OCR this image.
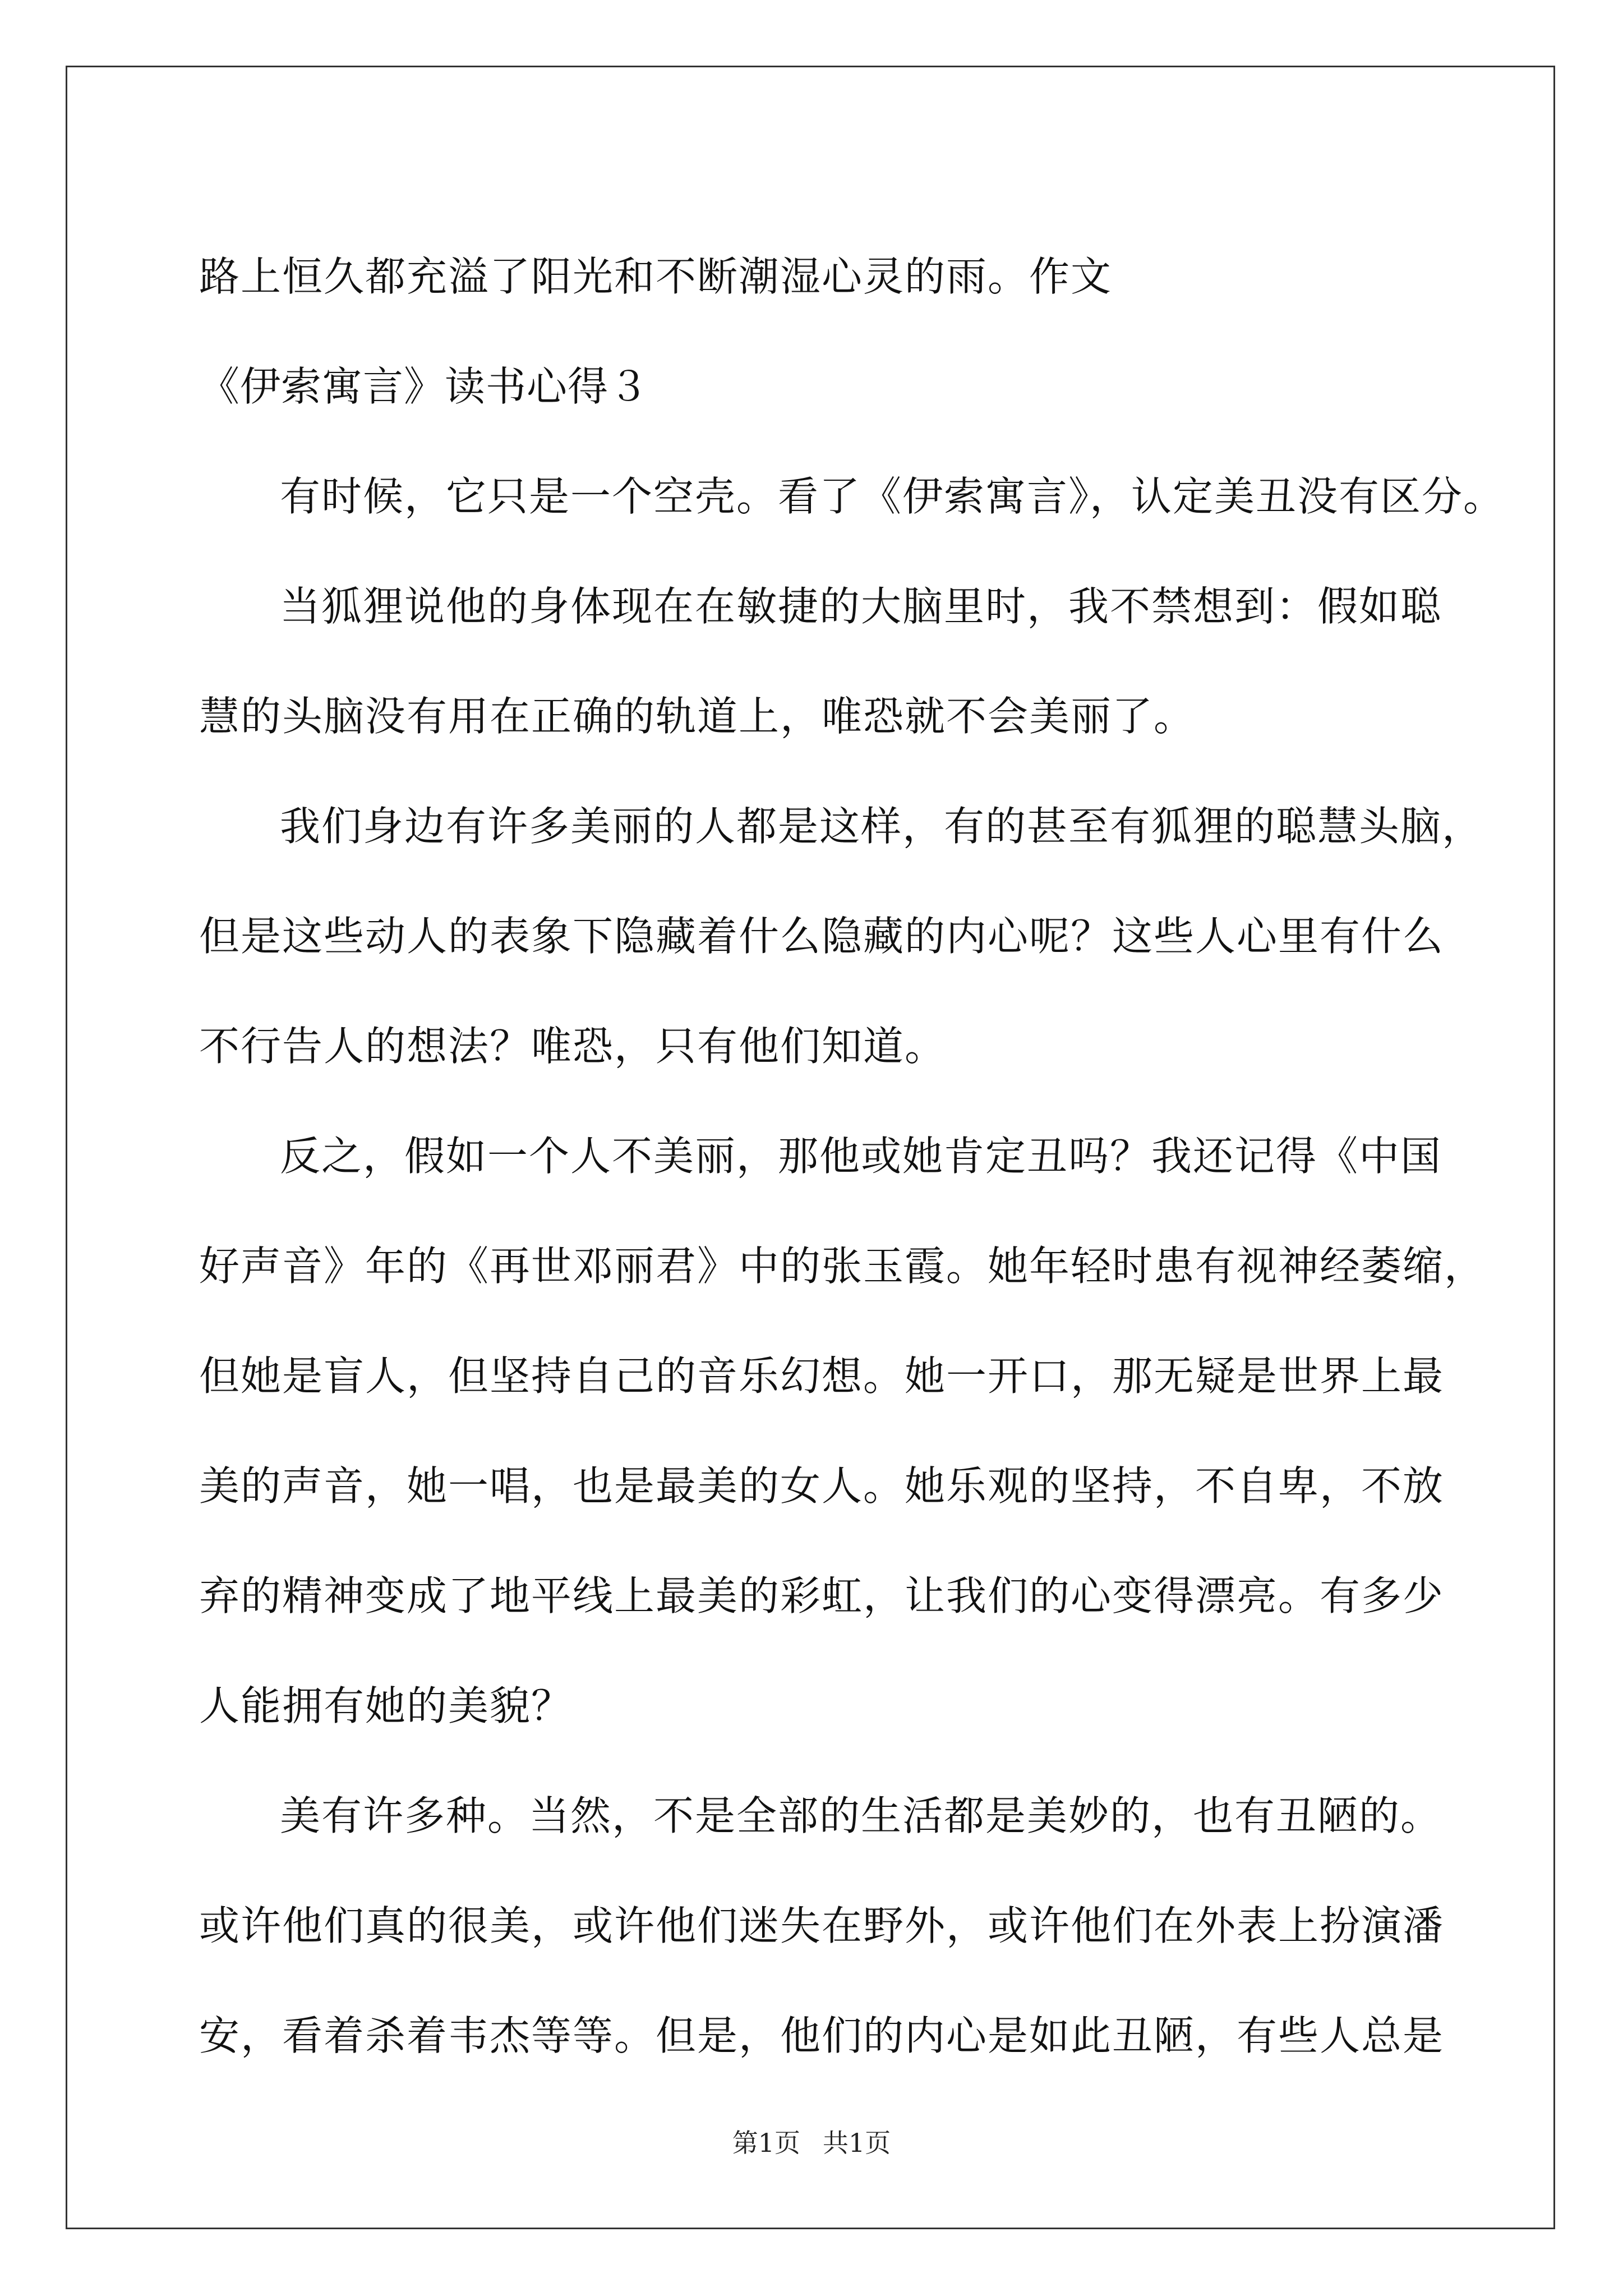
路上恒久都充溢了阳光和不断潮湿心灵的雨。作文
《伊索寓言》读书心得３
有时候，它只是一个空壳。看了《伊索寓言》，认定美丑没有区分。
当狐狸说他的身体现在在敏捷的大脑里时，我不禁想到：假如聪
慧的头脑没有用在正确的轨道上，唯恐就不会美丽了。
我们身边有许多美丽的人都是这样，有的甚至有狐狸的聪慧头脑，
但是这些动人的表象下隐藏着什么隐藏的内心呢？这些人心里有什么
不行告人的想法？唯恐，只有他们知道。
反之，假如一个人不美丽，那他或她肯定丑吗？我还记得《中国
好声音》年的《再世邓丽君》中的张玉霞。她年轻时患有视神经萎缩，
但她是盲人，但坚持自己的音乐幻想。她一开口，那无疑是世界上最
美的声音，她一唱，也是最美的女人。她乐观的坚持，不自卑，不放
弃的精神变成了地平线上最美的彩虹，让我们的心变得漂亮。有多少
人能拥有她的美貌？
美有许多种。当然，不是全部的生活都是美妙的，也有丑陋的。
或许他们真的很美，或许他们迷失在野外，或许他们在外表上扮演潘
安，看着杀着韦杰等等。但是，他们的内心是如此丑陋，有些人总是
第1页 共1页
